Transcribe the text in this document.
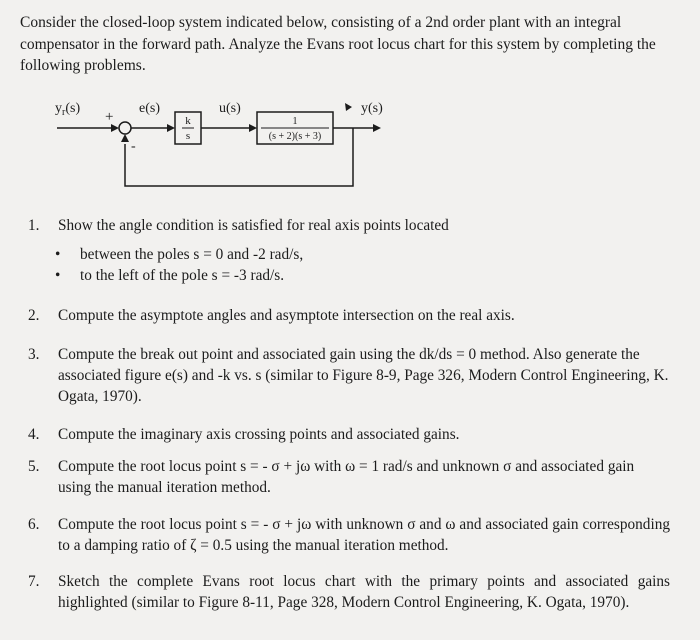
Consider the closed-loop system indicated below, consisting of a 2nd order plant with an integral compensator in the forward path. Analyze the Evans root locus chart for this system by completing the following problems.
$y_r(s)$
+
-
e(s)
k
s
u(s)
1
(s + 2)(s + 3)
y(s)
1. Show the angle condition is satisfied for real axis points located
• between the poles s = 0 and -2 rad/s,
• to the left of the pole s = -3 rad/s.
2. Compute the asymptote angles and asymptote intersection on the real axis.
3. Compute the break out point and associated gain using the dk/ds = 0 method. Also generate the associated figure e(s) and -k vs. s (similar to Figure 8-9, Page 326, Modern Control Engineering, K. Ogata, 1970).
4. Compute the imaginary axis crossing points and associated gains.
5. Compute the root locus point s = - σ + jω with ω = 1 rad/s and unknown σ and associated gain using the manual iteration method.
6. Compute the root locus point s = - σ + jω with unknown σ and ω and associated gain corresponding to a damping ratio of ζ = 0.5 using the manual iteration method.
7. Sketch the complete Evans root locus chart with the primary points and associated gains highlighted (similar to Figure 8-11, Page 328, Modern Control Engineering, K. Ogata, 1970).
